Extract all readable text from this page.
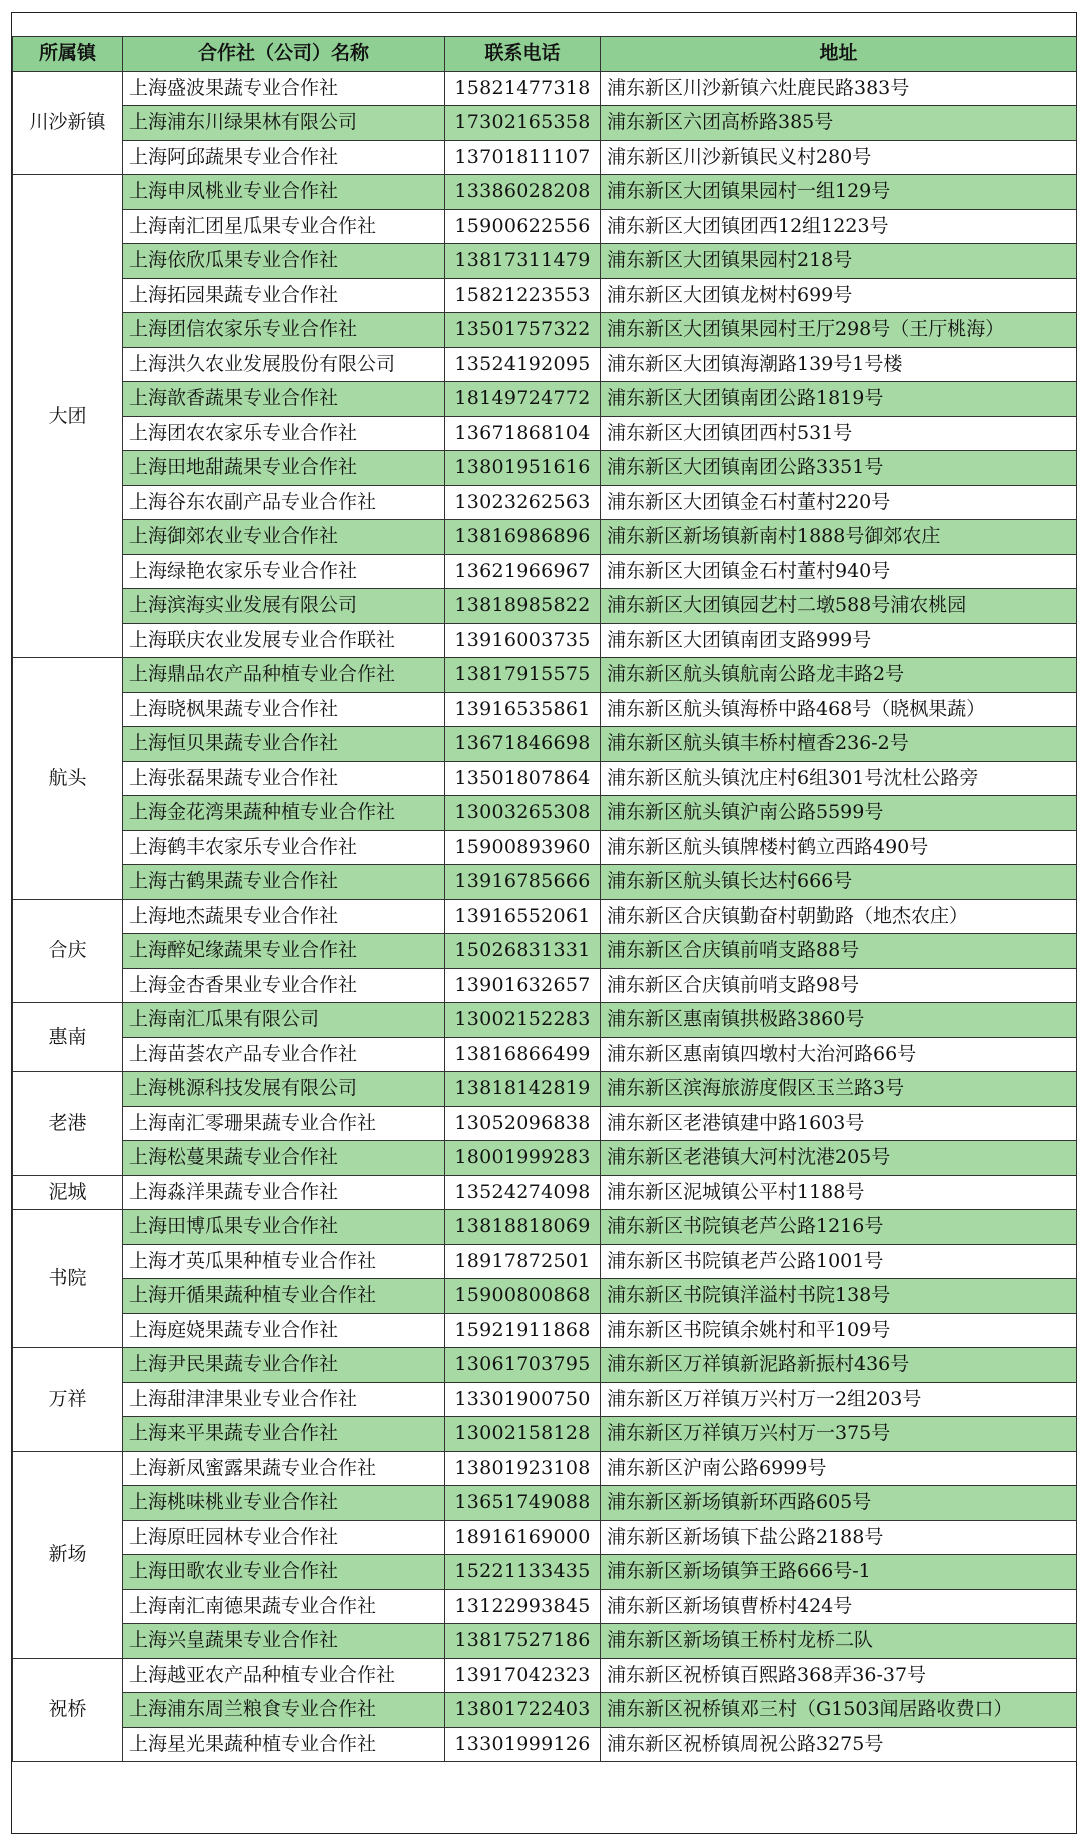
所属镇	合作社（公司）名称	联系电话	地址
川沙新镇	上海盛波果蔬专业合作社	15821477318	浦东新区川沙新镇六灶鹿民路383号
	上海浦东川绿果林有限公司	17302165358	浦东新区六团高桥路385号
	上海阿邱蔬果专业合作社	13701811107	浦东新区川沙新镇民义村280号
大团	上海申凤桃业专业合作社	13386028208	浦东新区大团镇果园村一组129号
	上海南汇团星瓜果专业合作社	15900622556	浦东新区大团镇团西12组1223号
	上海依欣瓜果专业合作社	13817311479	浦东新区大团镇果园村218号
	上海拓园果蔬专业合作社	15821223553	浦东新区大团镇龙树村699号
	上海团信农家乐专业合作社	13501757322	浦东新区大团镇果园村王厅298号（王厅桃海）
	上海洪久农业发展股份有限公司	13524192095	浦东新区大团镇海潮路139号1号楼
	上海歆香蔬果专业合作社	18149724772	浦东新区大团镇南团公路1819号
	上海团农农家乐专业合作社	13671868104	浦东新区大团镇团西村531号
	上海田地甜蔬果专业合作社	13801951616	浦东新区大团镇南团公路3351号
	上海谷东农副产品专业合作社	13023262563	浦东新区大团镇金石村董村220号
	上海御郊农业专业合作社	13816986896	浦东新区新场镇新南村1888号御郊农庄
	上海绿艳农家乐专业合作社	13621966967	浦东新区大团镇金石村董村940号
	上海滨海实业发展有限公司	13818985822	浦东新区大团镇园艺村二墩588号浦农桃园
	上海联庆农业发展专业合作联社	13916003735	浦东新区大团镇南团支路999号
航头	上海鼎品农产品种植专业合作社	13817915575	浦东新区航头镇航南公路龙丰路2号
	上海晓枫果蔬专业合作社	13916535861	浦东新区航头镇海桥中路468号（晓枫果蔬）
	上海恒贝果蔬专业合作社	13671846698	浦东新区航头镇丰桥村檀香236-2号
	上海张磊果蔬专业合作社	13501807864	浦东新区航头镇沈庄村6组301号沈杜公路旁
	上海金花湾果蔬种植专业合作社	13003265308	浦东新区航头镇沪南公路5599号
	上海鹤丰农家乐专业合作社	15900893960	浦东新区航头镇牌楼村鹤立西路490号
	上海古鹤果蔬专业合作社	13916785666	浦东新区航头镇长达村666号
合庆	上海地杰蔬果专业合作社	13916552061	浦东新区合庆镇勤奋村朝勤路（地杰农庄）
	上海醉妃缘蔬果专业合作社	15026831331	浦东新区合庆镇前哨支路88号
	上海金杏香果业专业合作社	13901632657	浦东新区合庆镇前哨支路98号
惠南	上海南汇瓜果有限公司	13002152283	浦东新区惠南镇拱极路3860号
	上海苗荟农产品专业合作社	13816866499	浦东新区惠南镇四墩村大治河路66号
老港	上海桃源科技发展有限公司	13818142819	浦东新区滨海旅游度假区玉兰路3号
	上海南汇零珊果蔬专业合作社	13052096838	浦东新区老港镇建中路1603号
	上海松蔓果蔬专业合作社	18001999283	浦东新区老港镇大河村沈港205号
泥城	上海淼洋果蔬专业合作社	13524274098	浦东新区泥城镇公平村1188号
书院	上海田博瓜果专业合作社	13818818069	浦东新区书院镇老芦公路1216号
	上海才英瓜果种植专业合作社	18917872501	浦东新区书院镇老芦公路1001号
	上海开循果蔬种植专业合作社	15900800868	浦东新区书院镇洋溢村书院138号
	上海庭娆果蔬专业合作社	15921911868	浦东新区书院镇余姚村和平109号
万祥	上海尹民果蔬专业合作社	13061703795	浦东新区万祥镇新泥路新振村436号
	上海甜津津果业专业合作社	13301900750	浦东新区万祥镇万兴村万一2组203号
	上海来平果蔬专业合作社	13002158128	浦东新区万祥镇万兴村万一375号
新场	上海新凤蜜露果蔬专业合作社	13801923108	浦东新区沪南公路6999号
	上海桃味桃业专业合作社	13651749088	浦东新区新场镇新环西路605号
	上海原旺园林专业合作社	18916169000	浦东新区新场镇下盐公路2188号
	上海田歌农业专业合作社	15221133435	浦东新区新场镇笋王路666号-1
	上海南汇南德果蔬专业合作社	13122993845	浦东新区新场镇曹桥村424号
	上海兴皇蔬果专业合作社	13817527186	浦东新区新场镇王桥村龙桥二队
祝桥	上海越亚农产品种植专业合作社	13917042323	浦东新区祝桥镇百熙路368弄36-37号
	上海浦东周兰粮食专业合作社	13801722403	浦东新区祝桥镇邓三村（G1503闻居路收费口）
	上海星光果蔬种植专业合作社	13301999126	浦东新区祝桥镇周祝公路3275号
